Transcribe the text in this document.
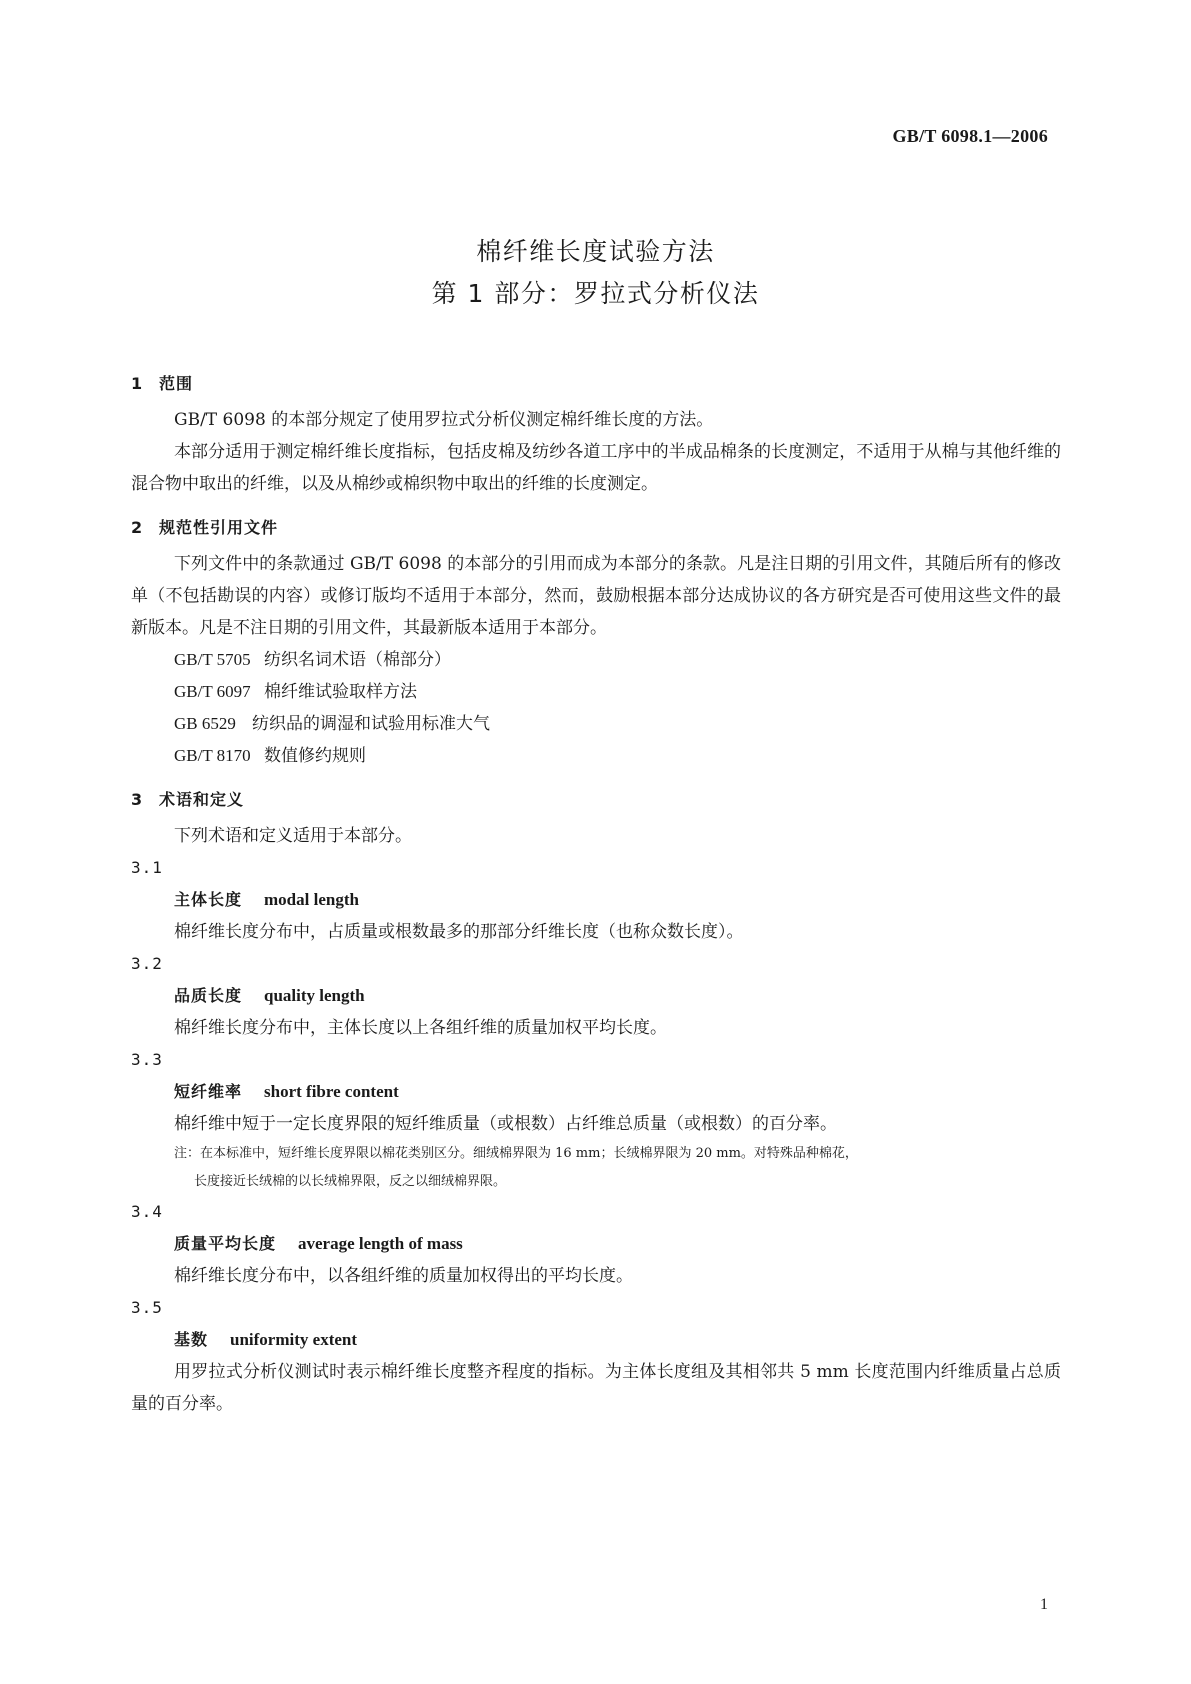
GB/T 6098.1—2006
棉纤维长度试验方法
第 1 部分：罗拉式分析仪法

1 范围

GB/T 6098 的本部分规定了使用罗拉式分析仪测定棉纤维长度的方法。

本部分适用于测定棉纤维长度指标，包括皮棉及纺纱各道工序中的半成品棉条的长度测定，不适用于从棉与其他纤维的混合物中取出的纤维，以及从棉纱或棉织物中取出的纤维的长度测定。

2 规范性引用文件

下列文件中的条款通过 GB/T 6098 的本部分的引用而成为本部分的条款。凡是注日期的引用文件，其随后所有的修改单（不包括勘误的内容）或修订版均不适用于本部分，然而，鼓励根据本部分达成协议的各方研究是否可使用这些文件的最新版本。凡是不注日期的引用文件，其最新版本适用于本部分。

GB/T 5705 纺织名词术语（棉部分）

GB/T 6097 棉纤维试验取样方法

GB 6529 纺织品的调湿和试验用标准大气

GB/T 8170 数值修约规则

3 术语和定义

下列术语和定义适用于本部分。

3.1

主体长度 modal length

棉纤维长度分布中，占质量或根数最多的那部分纤维长度（也称众数长度）。

3.2

品质长度 quality length

棉纤维长度分布中，主体长度以上各组纤维的质量加权平均长度。

3.3

短纤维率 short fibre content

棉纤维中短于一定长度界限的短纤维质量（或根数）占纤维总质量（或根数）的百分率。

注：在本标准中，短纤维长度界限以棉花类别区分。细绒棉界限为 16 mm；长绒棉界限为 20 mm。对特殊品种棉花，
长度接近长绒棉的以长绒棉界限，反之以细绒棉界限。

3.4

质量平均长度 average length of mass

棉纤维长度分布中，以各组纤维的质量加权得出的平均长度。

3.5

基数 uniformity extent

用罗拉式分析仪测试时表示棉纤维长度整齐程度的指标。为主体长度组及其相邻共 5 mm 长度范围内纤维质量占总质量的百分率。

1
